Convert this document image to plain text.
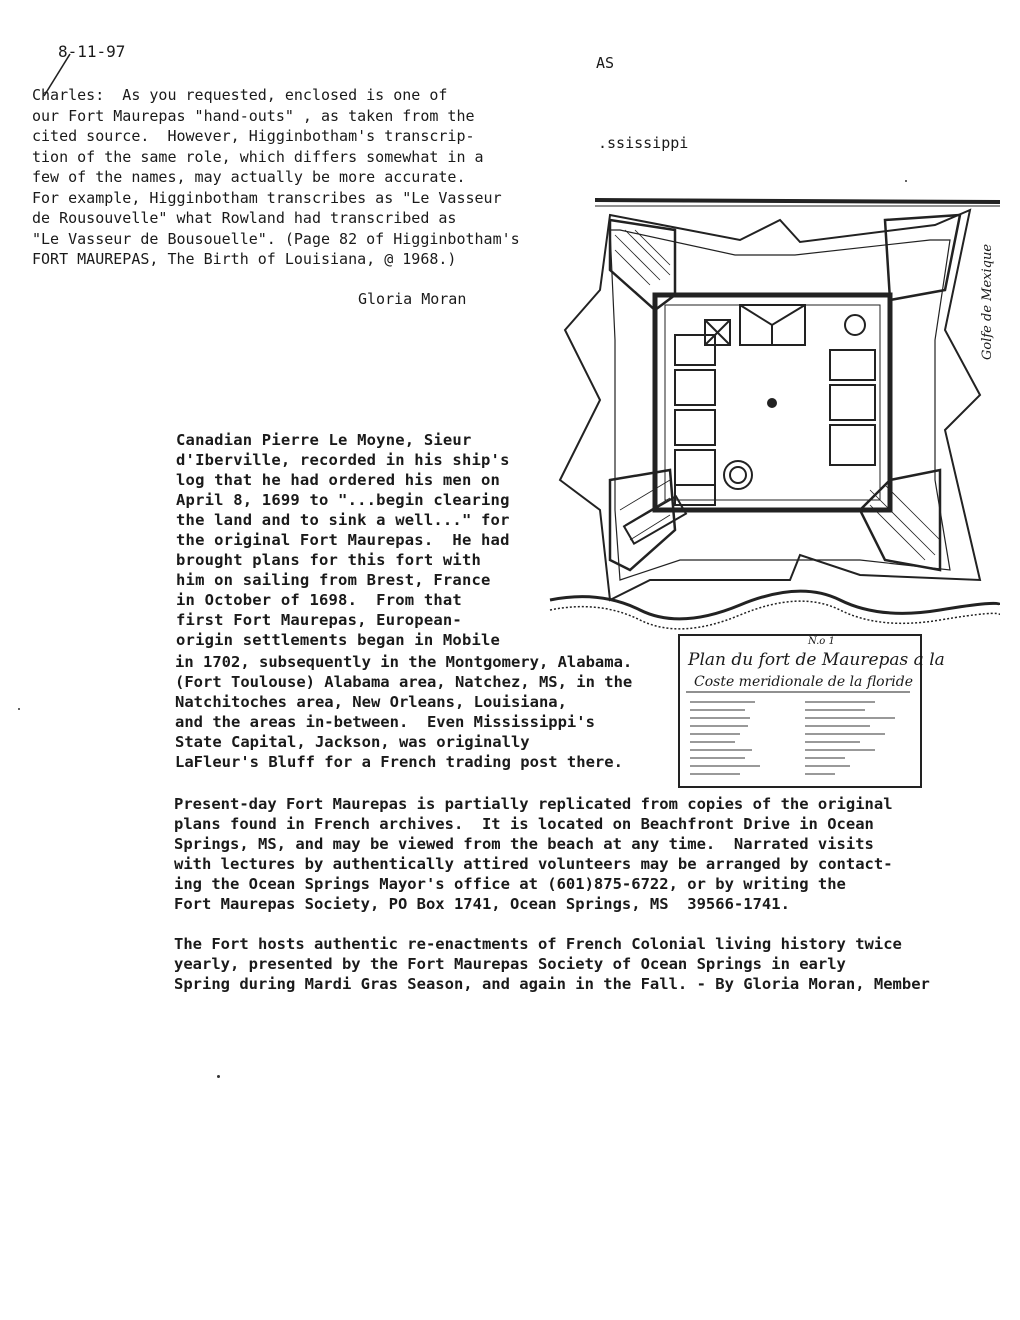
8-11-97
Charles:  As you requested, enclosed is one of
our Fort Maurepas "hand-outs" , as taken from the
cited source.  However, Higginbotham's transcrip-
tion of the same role, which differs somewhat in a
few of the names, may actually be more accurate.
For example, Higginbotham transcribes as "Le Vasseur
de Rousouvelle" what Rowland had transcribed as
"Le Vasseur de Bousouelle". (Page 82 of Higginbotham's
FORT MAUREPAS, The Birth of Louisiana, @ 1968.)
Gloria Moran
AS
.ssissippi
Golfe de Mexique
N.o 1
Plan du fort de Maurepas a la
Coste meridionale de la floride
Canadian Pierre Le Moyne, Sieur
d'Iberville, recorded in his ship's
log that he had ordered his men on
April 8, 1699 to "...begin clearing
the land and to sink a well..." for
the original Fort Maurepas.  He had
brought plans for this fort with
him on sailing from Brest, France
in October of 1698.  From that
first Fort Maurepas, European-
origin settlements began in Mobile
in 1702, subsequently in the Montgomery, Alabama.
(Fort Toulouse) Alabama area, Natchez, MS, in the
Natchitoches area, New Orleans, Louisiana,
and the areas in-between.  Even Mississippi's
State Capital, Jackson, was originally
LaFleur's Bluff for a French trading post there.
Present-day Fort Maurepas is partially replicated from copies of the original
plans found in French archives.  It is located on Beachfront Drive in Ocean
Springs, MS, and may be viewed from the beach at any time.  Narrated visits
with lectures by authentically attired volunteers may be arranged by contact-
ing the Ocean Springs Mayor's office at (601)875-6722, or by writing the
Fort Maurepas Society, PO Box 1741, Ocean Springs, MS  39566-1741.
The Fort hosts authentic re-enactments of French Colonial living history twice
yearly, presented by the Fort Maurepas Society of Ocean Springs in early
Spring during Mardi Gras Season, and again in the Fall. - By Gloria Moran, Member
